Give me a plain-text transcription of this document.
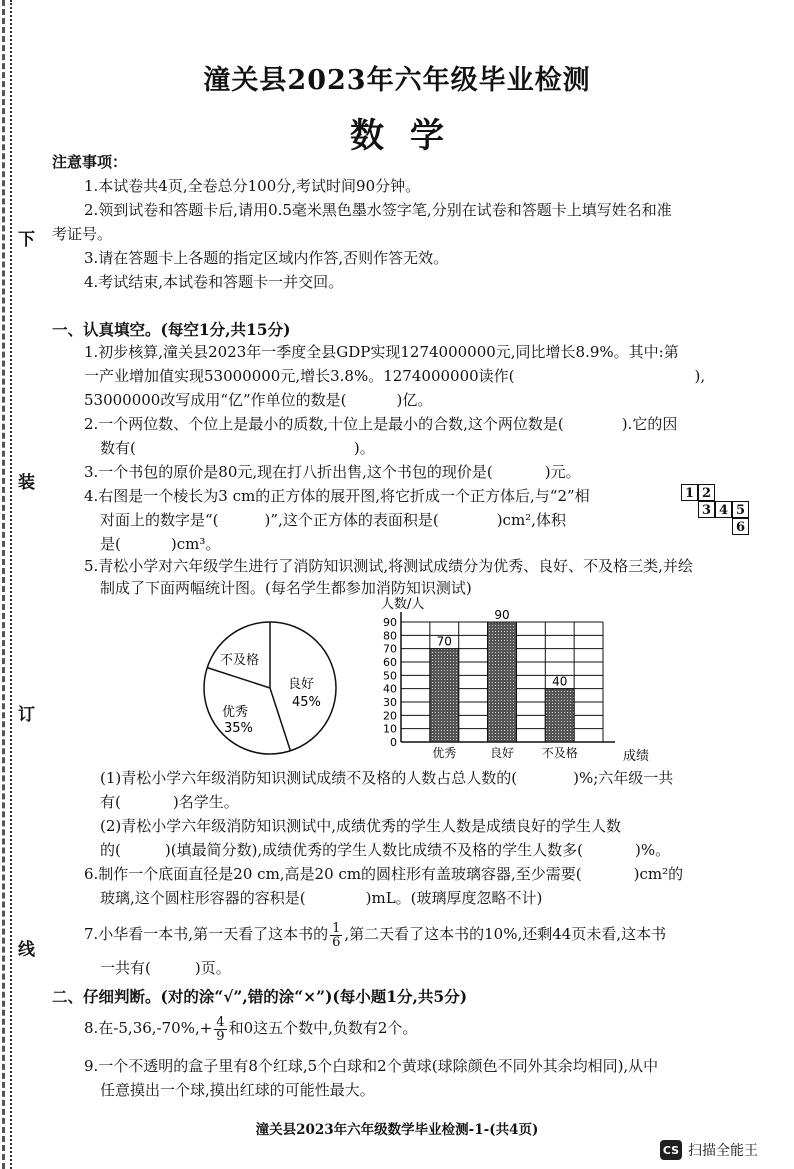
下
装
订
线
潼关县2023年六年级毕业检测
数学
注意事项：
1.本试卷共4页,全卷总分100分,考试时间90分钟。
2.领到试卷和答题卡后,请用0.5毫米黑色墨水签字笔,分别在试卷和答题卡上填写姓名和准
考证号。
3.请在答题卡上各题的指定区域内作答,否则作答无效。
4.考试结束,本试卷和答题卡一并交回。
一、认真填空。(每空1分,共15分)
1.初步核算,潼关县2023年一季度全县GDP实现1274000000元,同比增长8.9%。其中:第
一产业增加值实现53000000元,增长3.8%。1274000000读作(	),
53000000改写成用“亿”作单位的数是(	)亿。
2.一个两位数、个位上是最小的质数,十位上是最小的合数,这个两位数是(	).它的因
数有(	)。
3.一个书包的原价是80元,现在打八折出售,这个书包的现价是(	)元。
4.右图是一个棱长为3 cm的正方体的展开图,将它折成一个正方体后,与“2”相
对面上的数字是“(	)”,这个正方体的表面积是(	)cm²,体积
是(	)cm³。
1 2
3 4 5
6
5.青松小学对六年级学生进行了消防知识测试,将测试成绩分为优秀、良好、不及格三类,并绘
制成了下面两幅统计图。(每名学生都参加消防知识测试)
不及格
良好
45%
优秀
35%
人数/人
成绩
0
10
20
30
40
50
60
70
80
90
70
优秀
90
良好
40
不及格
(1)青松小学六年级消防知识测试成绩不及格的人数占总人数的(	)%;六年级一共
有(	)名学生。
(2)青松小学六年级消防知识测试中,成绩优秀的学生人数是成绩良好的学生人数
的(	)(填最简分数),成绩优秀的学生人数比成绩不及格的学生人数多(	)%。
6.制作一个底面直径是20 cm,高是20 cm的圆柱形有盖玻璃容器,至少需要(	)cm²的
玻璃,这个圆柱形容器的容积是(	)mL。(玻璃厚度忽略不计)
7.小华看一本书,第一天看了这本书的 $\frac{1}{6}$ ,第二天看了这本书的10%,还剩44页未看,这本书
一共有(	)页。
二、仔细判断。(对的涂“√”,错的涂“×”)(每小题1分,共5分)
8.在$-5,36,-70\%,+ \frac{4}{9}$ 和0这五个数中,负数有2个。
9.一个不透明的盒子里有8个红球,5个白球和2个黄球(球除颜色不同外其余均相同),从中
任意摸出一个球,摸出红球的可能性最大。
潼关县2023年六年级数学毕业检测-1-(共4页)
CS 扫描全能王
